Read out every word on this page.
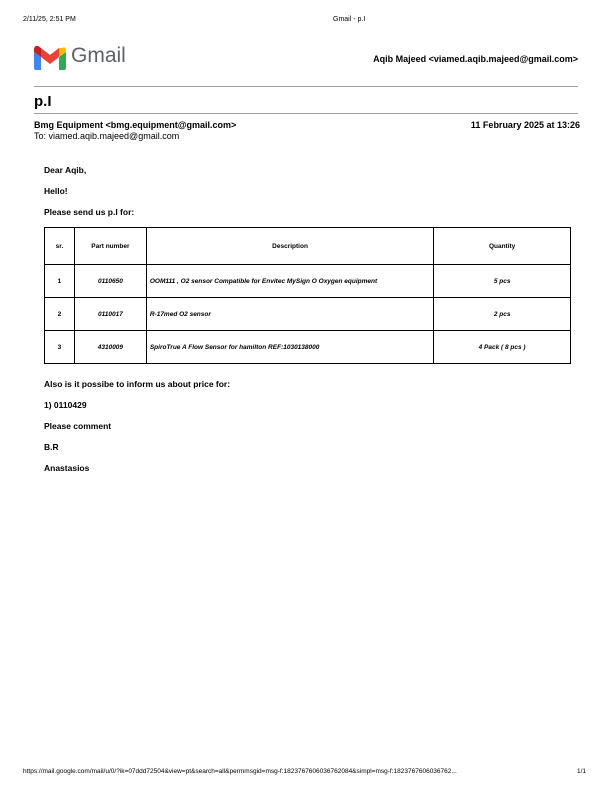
2/11/25, 2:51 PM	Gmail - p.I
Gmail	Aqib Majeed <viamed.aqib.majeed@gmail.com>
p.I
Bmg Equipment <bmg.equipment@gmail.com>
To: viamed.aqib.majeed@gmail.com
11 February 2025 at 13:26
Dear Aqib,
Hello!
Please send us p.I for:
sr.	Part number	Description	Quantity
1	0110650	OOM111 , O2 sensor Compatible for Envitec MySign O Oxygen equipment	5 pcs
2	0110017	R-17med O2 sensor	2 pcs
3	4310009	SpiroTrue A Flow Sensor for hamilton REF:1030138000	4 Pack ( 8 pcs )
Also is it possibe to inform us about price for:
1) 0110429
Please comment
B.R
Anastasios
https://mail.google.com/mail/u/0/?ik=07ddd72504&view=pt&search=all&permmsgid=msg-f:1823767606036762084&simpl=msg-f:1823767606036762...	1/1
